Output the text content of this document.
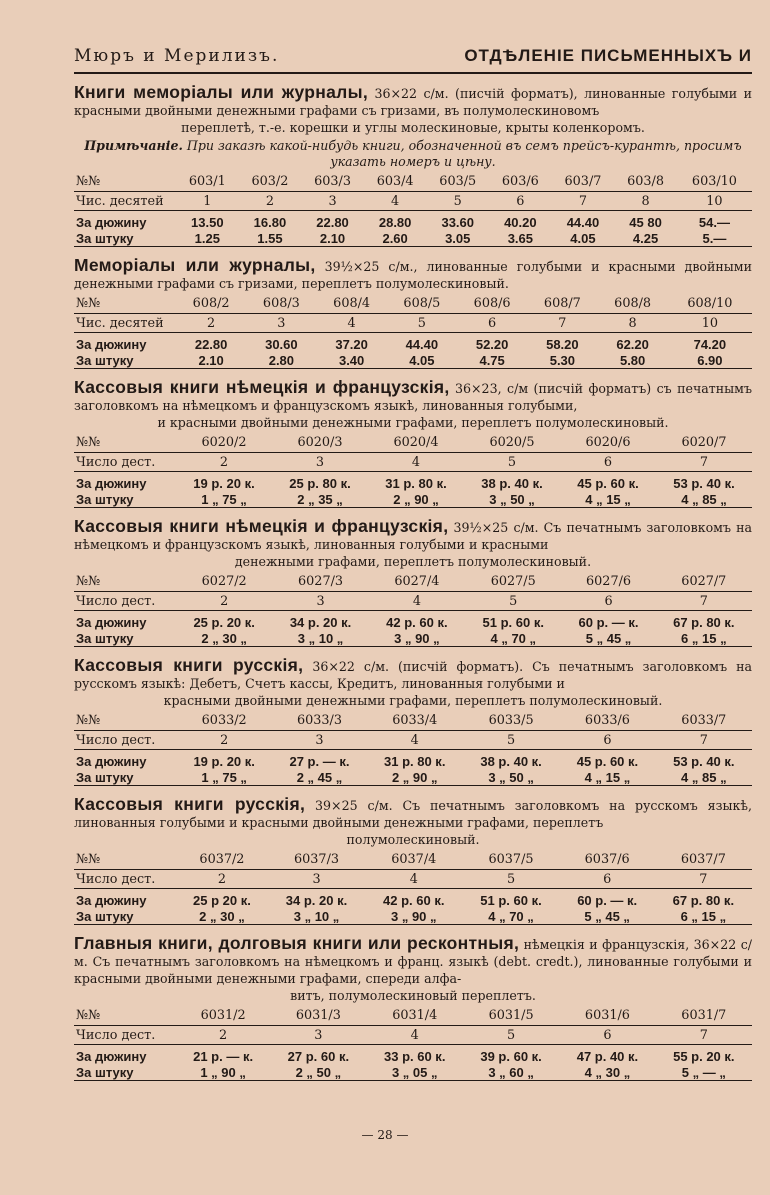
Мюръ и Мерилизъ.	ОТДѢЛЕНІЕ ПИСЬМЕННЫХЪ И
Книги меморіалы или журналы, 36×22 с/м. (писчій форматъ), линованные голубыми и красными двойными денежными графами съ гризами, въ полумолескиновомъ
переплетѣ, т.-е. корешки и углы молескиновые, крыты коленкоромъ.
Примѣчаніе. При заказѣ какой-нибудь книги, обозначенной въ семъ прейсъ-курантѣ, просимъ указать номеръ и цѣну.
№№	603/1	603/2	603/3	603/4	603/5	603/6	603/7	603/8	603/10
Чис. десятей	1	2	3	4	5	6	7	8	10

За дюжину	13.50	16.80	22.80	28.80	33.60	40.20	44.40	45 80	54.—
За штуку	1.25	1.55	2.10	2.60	3.05	3.65	4.05	4.25	5.—
Меморіалы или журналы, 39½×25 с/м., линованные голубыми и красными двойными денежными графами съ гризами, переплетъ полумолескиновый.
№№	608/2	608/3	608/4	608/5	608/6	608/7	608/8	608/10
Чис. десятей	2	3	4	5	6	7	8	10

За дюжину	22.80	30.60	37.20	44.40	52.20	58.20	62.20	74.20
За штуку	2.10	2.80	3.40	4.05	4.75	5.30	5.80	6.90
Кассовыя книги нѣмецкія и французскія, 36×23, с/м (писчій форматъ) съ печатнымъ заголовкомъ на нѣмецкомъ и французскомъ языкѣ, линованныя голубыми,
и красными двойными денежными графами, переплетъ полумолескиновый.
№№	6020/2	6020/3	6020/4	6020/5	6020/6	6020/7
Число дест.	2	3	4	5	6	7

За дюжину	19 р. 20 к.	25 р. 80 к.	31 р. 80 к.	38 р. 40 к.	45 р. 60 к.	53 р. 40 к.
За штуку	1 „ 75 „	2 „ 35 „	2 „ 90 „	3 „ 50 „	4 „ 15 „	4 „ 85 „
Кассовыя книги нѣмецкія и французскія, 39½×25 с/м. Съ печатнымъ заголовкомъ на нѣмецкомъ и французскомъ языкѣ, линованныя голубыми и красными
денежными графами, переплетъ полумолескиновый.
№№	6027/2	6027/3	6027/4	6027/5	6027/6	6027/7
Число дест.	2	3	4	5	6	7

За дюжину	25 р. 20 к.	34 р. 20 к.	42 р. 60 к.	51 р. 60 к.	60 р. — к.	67 р. 80 к.
За штуку	2 „ 30 „	3 „ 10 „	3 „ 90 „	4 „ 70 „	5 „ 45 „	6 „ 15 „
Кассовыя книги русскія, 36×22 с/м. (писчій форматъ). Съ печатнымъ заголовкомъ на русскомъ языкѣ: Дебетъ, Счетъ кассы, Кредитъ, линованныя голубыми и
красными двойными денежными графами, переплетъ полумолескиновый.
№№	6033/2	6033/3	6033/4	6033/5	6033/6	6033/7
Число дест.	2	3	4	5	6	7

За дюжину	19 р. 20 к.	27 р. — к.	31 р. 80 к.	38 р. 40 к.	45 р. 60 к.	53 р. 40 к.
За штуку	1 „ 75 „	2 „ 45 „	2 „ 90 „	3 „ 50 „	4 „ 15 „	4 „ 85 „
Кассовыя книги русскія, 39×25 с/м. Съ печатнымъ заголовкомъ на русскомъ языкѣ, линованныя голубыми и красными двойными денежными графами, переплетъ
полумолескиновый.
№№	6037/2	6037/3	6037/4	6037/5	6037/6	6037/7
Число дест.	2	3	4	5	6	7

За дюжину	25 р 20 к.	34 р. 20 к.	42 р. 60 к.	51 р. 60 к.	60 р. — к.	67 р. 80 к.
За штуку	2 „ 30 „	3 „ 10 „	3 „ 90 „	4 „ 70 „	5 „ 45 „	6 „ 15 „
Главныя книги, долговыя книги или ресконтныя, нѣмецкія и французскія, 36×22 с/м. Съ печатнымъ заголовкомъ на нѣмецкомъ и франц. языкѣ (debt. credt.), линованные голубыми и красными двойными денежными графами, спереди алфа-
витъ, полумолескиновый переплетъ.
№№	6031/2	6031/3	6031/4	6031/5	6031/6	6031/7
Число дест.	2	3	4	5	6	7

За дюжину	21 р. — к.	27 р. 60 к.	33 р. 60 к.	39 р. 60 к.	47 р. 40 к.	55 р. 20 к.
За штуку	1 „ 90 „	2 „ 50 „	3 „ 05 „	3 „ 60 „	4 „ 30 „	5 „ — „
— 28 —
